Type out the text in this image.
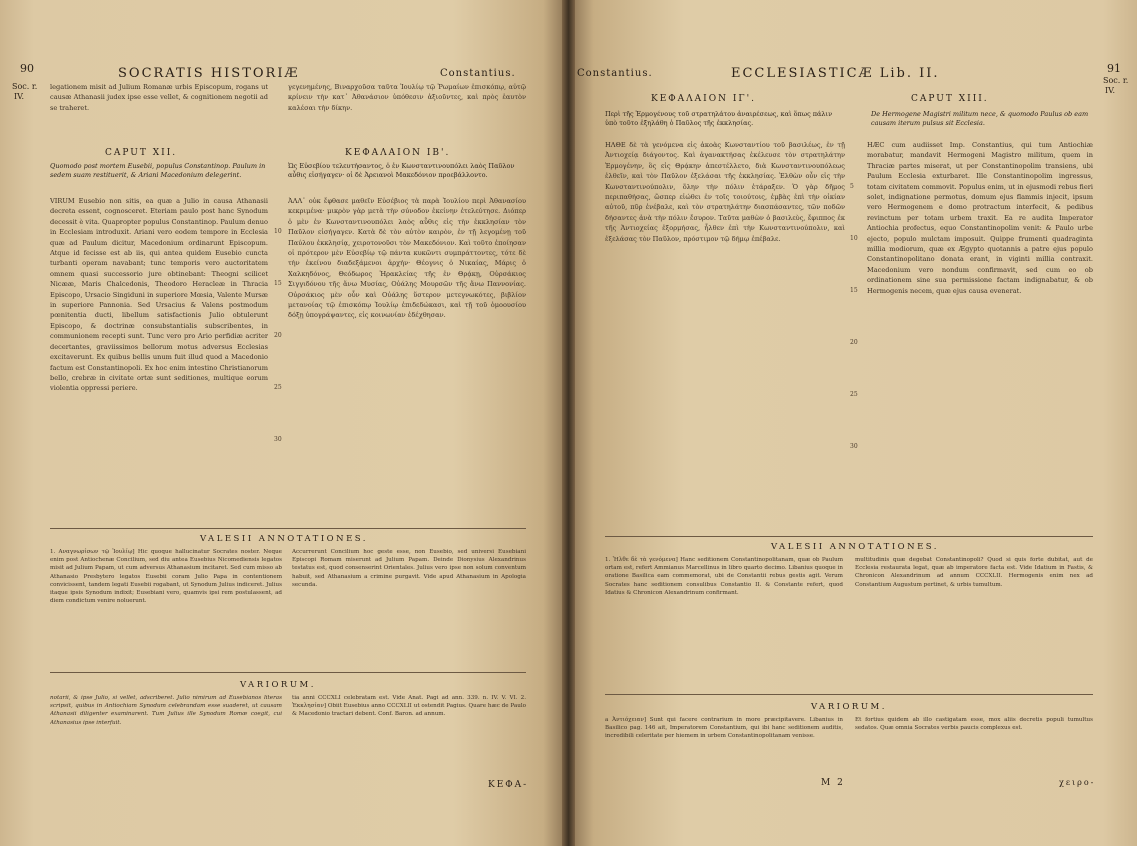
90	SOCRATIS HISTORIÆ	Constantius.
Soc. r.
IV.

legationem misit ad Julium Romanæ urbis Episcopum, rogans ut causæ Athanasii judex ipse esse vellet, & cognitionem negotii ad se traheret.

γεγενημένης, Βιναρχοῦσα ταῦτα Ἰουλίῳ τῷ Ῥωμαίων ἐπισκόπῳ, αὐτῷ κρίνειν τὴν κατ᾿ Ἀθανάσιον ὑπόθεσιν ἀξιοῦντες, καὶ πρὸς ἑαυτὸν καλέσαι τὴν δίκην.

CAPUT XII.	ΚΕΦΑΛΑΙΟΝ ΙΒ'.
Quomodo post mortem Eusebii, populus Constantinop. Paulum in sedem suam restituerit, & Ariani Macedonium delegerint.
Ὡς Εὐσεβίου τελευτήσαντος, ὁ ἐν Κωνσταντινουπόλει λαὸς Παῦλον αὖθις εἰσήγαγεν· οἱ δὲ Ἀρειανοὶ Μακεδόνιον προεβάλλοντο.

VIRUM Eusebio non sitis, ea quæ a Julio in causa Athanasii decreta essent, cognosceret. Eteriam paulo post hanc Synodum decessit è vita. Quapropter populus Constantinop. Paulum denuo in Ecclesiam introduxit. Ariani vero eodem tempore in Ecclesia quæ ad Paulum dicitur, Macedonium ordinarunt Episcopum. Atque id fecisse est ab iis, qui antea quidem Eusebio cuncta turbanti operam navabant; tunc temporis vero auctoritatem omnem quasi successorio jure obtinebant: Theogni scilicet Nicææ, Maris Chalcedonis, Theodoro Heracleæ in Thracia Episcopo, Ursacio Singiduni in superiore Mœsia, Valente Mursæ in superiore Pannonia. Sed Ursacius & Valens postmodum pœnitentia ducti, libellum satisfactionis Julio obtulerunt Episcopo, & doctrinæ consubstantialis subscribentes, in communionem recepti sunt. Tunc vero pro Ario perfidiæ acriter decertantes, graviissimos bellorum motus adversus Ecclesias excitaverunt. Ex quibus bellis unum fuit illud quod a Macedonio factum est Constantinopoli. Ex hoc enim intestino Christianorum bello, crebræ in civitate ortæ sunt seditiones, multique eorum violentia oppressi periere.

10

15

20

25

30

ἈΛΛ᾿ οὐκ ἔφθασε μαθεῖν Εὐσέβιος τὰ παρὰ Ἰουλίου περὶ Ἀθανασίου κεκριμένα· μικρὸν γὰρ μετὰ τὴν σύνοδον ἐκείνην ἐτελεύτησε. Διόπερ ὁ μὲν ἐν Κωνσταντινουπόλει λαὸς αὖθις εἰς τὴν ἐκκλησίαν τὸν Παῦλον εἰσήγαγεν. Κατὰ δὲ τὸν αὐτὸν καιρὸν, ἐν τῇ λεγομένῃ τοῦ Παύλου ἐκκλησίᾳ, χειροτονοῦσι τὸν Μακεδόνιον. Καὶ τοῦτο ἐποίησαν οἱ πρότερον μὲν Εὐσεβίῳ τῷ πάντα κυκῶντι συμπράττοντες, τότε δὲ τὴν ἐκείνου διαδεξάμενοι ἀρχήν· Θέογνις ὁ Νικαίας, Μάρις ὁ Χαλκηδόνος, Θεόδωρος Ἡρακλείας τῆς ἐν Θρᾴκῃ, Οὐρσάκιος Σιγγιδόνου τῆς ἄνω Μυσίας, Οὐάλης Μουρσῶν τῆς ἄνω Παννονίας. Οὐρσάκιος μὲν οὖν καὶ Οὐάλης ὕστερον μετεγνωκότες, βιβλίον μετανοίας τῷ ἐπισκόπῳ Ἰουλίῳ ἐπιδεδώκασι, καὶ τῇ τοῦ ὁμοουσίου δόξῃ ὑπογράψαντες, εἰς κοινωνίαν ἐδέχθησαν.

VALESII ANNOTATIONES.

1. Αναγνωρίσων τῷ Ἰουλίῳ] Hic quoque hallucinatur Socrates noster. Neque enim post Antiochenæ Concilium, sed diu antea Eusebius Nicomediensis legatos misit ad Julium Papam, ut cum adversus Athanasium incitaret. Sed cum misso ab Athanasio Presbytero legatos Eusebii coram Julio Papa in contentionem convicissent, tandem legati Eusebii rogabant, ut Synodum Julius indiceret. Julius itaque ipsis Synodum indixit; Eusebiani vero, quamvis ipsi rem postulassent, ad diem condictum venire noluerunt.

Accurrerunt Concilium hoc geste esse, non Eusebio, sed universi Eusebiani Episcopi Romam miserunt ad Julium Papam. Deinde Dionysius Alexandrinus testatus est, quod consenserint Orientales. Julius vero ipse non solum conventum habuit, sed Athanasium a crimine purgavit. Vide apud Athanasium in Apologia secunda.

VARIORUM.

notarii, & ipse Julio, si vellet, adscriberet. Julio nimirum ad Eusebianos literas scripsit, quibus in Antiochiam Synodum celebrandam esse suaderet, ut causam Athanasii diligenter examinarent. Tum Julius ille Synodum Romæ coegit, cui Athanasius ipse interfuit.

tia anni CCCXLI celebratam est. Vide Anat. Pagi ad ann. 339. n. IV. V. VI. 2. Ἐκκλησίαν] Obiit Eusebius anno CCCXLII ut ostendit Pagius. Quare hæc de Paulo & Macedonio tractari debent. Conf. Baron. ad annum.

ΚΕΦΑ-
Constantius.	ECCLESIASTICÆ Lib. II.	91
Soc. r.
IV.
ΚΕΦΑΛΑΙΟΝ ΙΓ'.	CAPUT XIII.
Περὶ τῆς Ἑρμογένους τοῦ στρατηλάτου ἀναιρέσεως, καὶ ὅπως πάλιν ὑπὸ τοῦτο ἐξηλάθη ὁ Παῦλος τῆς ἐκκλησίας.
De Hermogene Magistri militum nece, & quomodo Paulus ob eam causam iterum pulsus sit Ecclesia.

ΗΛΘΕ δὲ τὰ γενόμενα εἰς ἀκοὰς Κωνσταντίου τοῦ βασιλέως, ἐν τῇ Ἀντιοχείᾳ διάγοντος. Καὶ ἀγανακτήσας ἐκέλευσε τὸν στρατηλάτην Ἑρμογένην, ὃς εἰς Θρᾴκην ἀπεστέλλετο, διὰ Κωνσταντινουπόλεως ἐλθεῖν, καὶ τὸν Παῦλον ἐξελάσαι τῆς ἐκκλησίας. Ἐλθὼν οὖν εἰς τὴν Κωνσταντινούπολιν, ὅλην τὴν πόλιν ἐτάραξεν. Ὁ γὰρ δῆμος περιπαθήσας, ὥσπερ εἰώθει ἐν τοῖς τοιούτοις, ἐμβὰς ἐπὶ τὴν οἰκίαν αὐτοῦ, πῦρ ἐνέβαλε, καὶ τὸν στρατηλάτην διασπάσαντες, τῶν ποδῶν δήσαντες ἀνὰ τὴν πόλιν ἔσυρον. Ταῦτα μαθὼν ὁ βασιλεὺς, ἔφιππος ἐκ τῆς Ἀντιοχείας ἐξορμήσας, ἦλθεν ἐπὶ τὴν Κωνσταντινούπολιν, καὶ ἐξελάσας τὸν Παῦλον, πρόστιμον τῷ δήμῳ ἐπέβαλε.

5

10

15

20

25

30

HÆC cum audiisset Imp. Constantius, qui tum Antiochiæ morabatur, mandavit Hermogeni Magistro militum, quem in Thraciæ partes miserat, ut per Constantinopolim transiens, ubi Paulum Ecclesia exturbaret. Ille Constantinopolim ingressus, totam civitatem commovit. Populus enim, ut in ejusmodi rebus fieri solet, indignatione permotus, domum ejus flammis injecit, ipsum vero Hermogenem e domo protractum interfecit, & pedibus revinctum per totam urbem traxit. Ea re audita Imperator Antiochia profectus, equo Constantinopolim venit: & Paulo urbe ejecto, populo mulctam imposuit. Quippe frumenti quadraginta millia modiorum, quæ ex Ægypto quotannis a patre ejus populo Constantinopolitano donata erant, in viginti millia contraxit. Macedonium vero nondum confirmavit, sed cum eo ob ordinationem sine sua permissione factam indignabatur, & ob Hermogenis necem, quæ ejus causa evenerat.

VALESII ANNOTATIONES.

1. Ἦλθε δὲ τὰ γενόμενα] Hanc seditionem Constantinopolitanam, quæ ob Paulum ortam est, refert Ammianus Marcellinus in libro quarto decimo. Libanius quoque in oratione Basilica eam commemorat, ubi de Constantii rebus gestis agit. Verum Socrates hanc seditionem consulibus Constantio II. & Constante refert, quod Idatius & Chronicon Alexandrinum confirmant.

multitudinis quæ degebat Constantinopoli? Quod si quis forte dubitat, aut de Ecclesia restaurata legat, quæ ab imperatore facta est. Vide Idatium in Fastis, & Chronicon Alexandrinum ad annum CCCXLII. Hermogenis enim nex ad Constantium Augustum pertinet, & urbis tumultum.

VARIORUM.

a Ἀντιόχειαν] Sunt qui facere contrarium in more præcipitavere. Libanius in Basilico pag. 146 ait, Imperatorem Constantium, qui ibi hanc seditionem auditis, incredibili celeritate per hiemem in urbem Constantinopolitanam venisse.

Et fortius quidem ab illo castigatam esse, mox aliis decretis populi tumultus sedatos. Quæ omnia Socrates verbis paucis complexus est.

M 2	χειρο-
